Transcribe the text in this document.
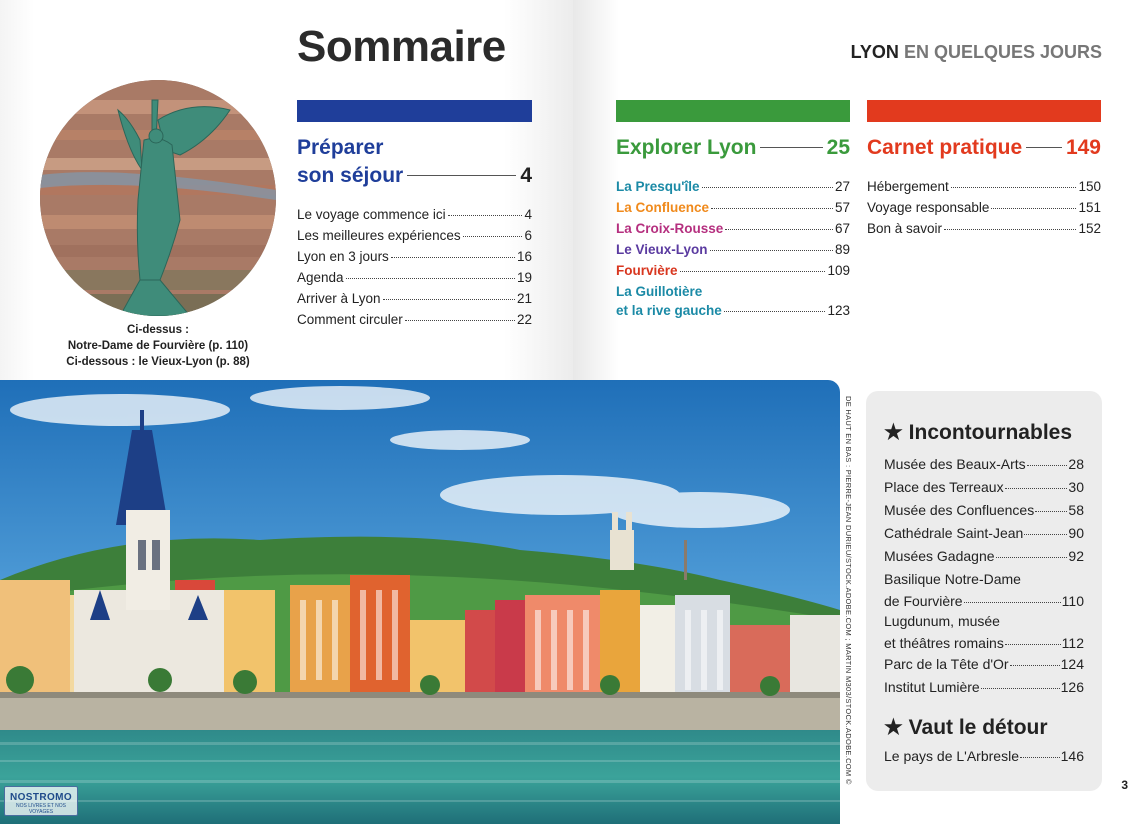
Sommaire	LYON EN QUELQUES JOURS
Ci-dessus :
Notre-Dame de Fourvière (p. 110)
Ci-dessous : le Vieux-Lyon (p. 88)
Préparer
son séjour	4
Le voyage commence ici	4
Les meilleures expériences	6
Lyon en 3 jours	16
Agenda	19
Arriver à Lyon	21
Comment circuler	22
Explorer Lyon	25
La Presqu'île	27
La Confluence	57
La Croix-Rousse	67
Le Vieux-Lyon	89
Fourvière	109
La Guillotière
et la rive gauche	123
Carnet pratique 149
Hébergement	150
Voyage responsable	151
Bon à savoir	152
DE HAUT EN BAS : PIERRE-JEAN DURIEU/STOCK.ADOBE.COM ; MARTIN M303/STOCK.ADOBE.COM © ★ Incontournables
Musée des Beaux-Arts	28
Place des Terreaux	30
Musée des Confluences 58
Cathédrale Saint-Jean	90
Musées Gadagne	92
Basilique Notre-Dame
de Fourvière	110
Lugdunum, musée
et théâtres romains	112
Parc de la Tête d'Or	124
Institut Lumière	126
★ Vaut le détour
Le pays de L'Arbresle	146
3
NOSTROMO
NOS LIVRES ET NOS VOYAGES
